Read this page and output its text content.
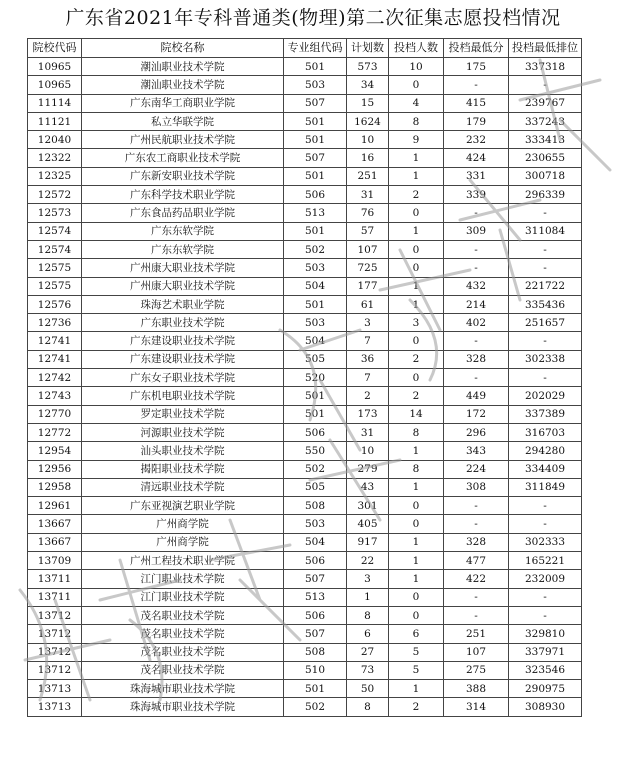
广东省2021年专科普通类(物理)第二次征集志愿投档情况
院校代码	院校名称	专业组代码	计划数	投档人数	投档最低分	投档最低排位
10965	潮汕职业技术学院	501	573	10	175	337318
10965	潮汕职业技术学院	503	34	0	-	-
11114	广东南华工商职业学院	507	15	4	415	239767
11121	私立华联学院	501	1624	8	179	337243
12040	广州民航职业技术学院	501	10	9	232	333413
12322	广东农工商职业技术学院	507	16	1	424	230655
12325	广东新安职业技术学院	501	251	1	331	300718
12572	广东科学技术职业学院	506	31	2	339	296339
12573	广东食品药品职业学院	513	76	0	-	-
12574	广东东软学院	501	57	1	309	311084
12574	广东东软学院	502	107	0	-	-
12575	广州康大职业技术学院	503	725	0	-	-
12575	广州康大职业技术学院	504	177	1	432	221722
12576	珠海艺术职业学院	501	61	1	214	335436
12736	广东职业技术学院	503	3	3	402	251657
12741	广东建设职业技术学院	504	7	0	-	-
12741	广东建设职业技术学院	505	36	2	328	302338
12742	广东女子职业技术学院	520	7	0	-	-
12743	广东机电职业技术学院	501	2	2	449	202029
12770	罗定职业技术学院	501	173	14	172	337389
12772	河源职业技术学院	506	31	8	296	316703
12954	汕头职业技术学院	550	10	1	343	294280
12956	揭阳职业技术学院	502	279	8	224	334409
12958	清远职业技术学院	505	43	1	308	311849
12961	广东亚视演艺职业学院	508	301	0	-	-
13667	广州商学院	503	405	0	-	-
13667	广州商学院	504	917	1	328	302333
13709	广州工程技术职业学院	506	22	1	477	165221
13711	江门职业技术学院	507	3	1	422	232009
13711	江门职业技术学院	513	1	0	-	-
13712	茂名职业技术学院	506	8	0	-	-
13712	茂名职业技术学院	507	6	6	251	329810
13712	茂名职业技术学院	508	27	5	107	337971
13712	茂名职业技术学院	510	73	5	275	323546
13713	珠海城市职业技术学院	501	50	1	388	290975
13713	珠海城市职业技术学院	502	8	2	314	308930
